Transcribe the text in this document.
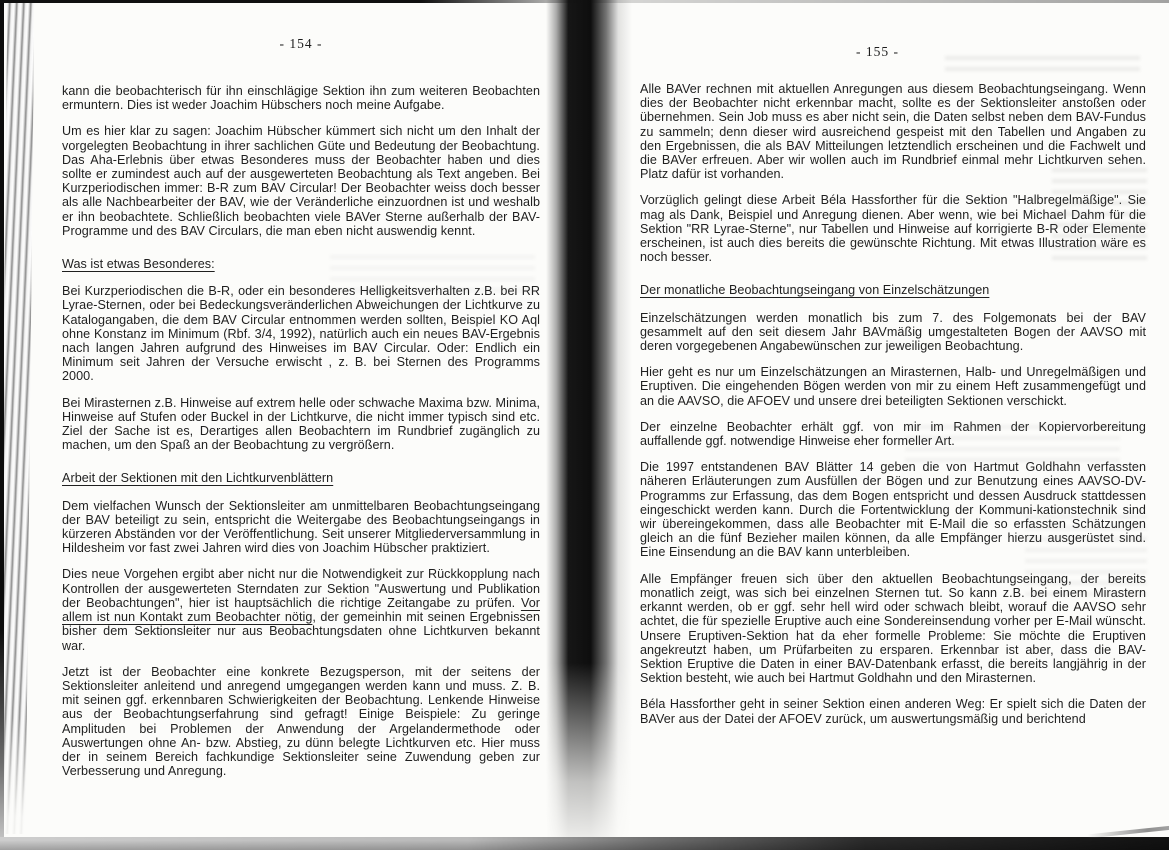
- 154 -
kann die beobachterisch für ihn einschlägige Sektion ihn zum weiteren Beobachten ermuntern. Dies ist weder Joachim Hübschers noch meine Aufgabe.
Um es hier klar zu sagen: Joachim Hübscher kümmert sich nicht um den Inhalt der vorgelegten Beobachtung in ihrer sachlichen Güte und Bedeutung der Beobachtung. Das Aha-Erlebnis über etwas Besonderes muss der Beobachter haben und dies sollte er zumindest auch auf der ausgewerteten Beobachtung als Text angeben. Bei Kurzperiodischen immer: B-R zum BAV Circular! Der Beobachter weiss doch besser als alle Nachbearbeiter der BAV, wie der Veränderliche einzuordnen ist und weshalb er ihn beobachtete. Schließlich beobachten viele BAVer Sterne außerhalb der BAV-Programme und des BAV Circulars, die man eben nicht auswendig kennt.
Was ist etwas Besonderes:
Bei Kurzperiodischen die B-R, oder ein besonderes Helligkeitsverhalten z.B. bei RR Lyrae-Sternen, oder bei Bedeckungsveränderlichen Abweichungen der Lichtkurve zu Katalogangaben, die dem BAV Circular entnommen werden sollten, Beispiel KO Aql ohne Konstanz im Minimum (Rbf. 3/4, 1992), natürlich auch ein neues BAV-Ergebnis nach langen Jahren aufgrund des Hinweises im BAV Circular. Oder: Endlich ein Minimum seit Jahren der Versuche erwischt , z. B. bei Sternen des Programms 2000.
Bei Mirasternen z.B. Hinweise auf extrem helle oder schwache Maxima bzw. Minima, Hinweise auf Stufen oder Buckel in der Lichtkurve, die nicht immer typisch sind etc. Ziel der Sache ist es, Derartiges allen Beobachtern im Rundbrief zugänglich zu machen, um den Spaß an der Beobachtung zu vergrößern.
Arbeit der Sektionen mit den Lichtkurvenblättern
Dem vielfachen Wunsch der Sektionsleiter am unmittelbaren Beobachtungseingang der BAV beteiligt zu sein, entspricht die Weitergabe des Beobachtungseingangs in kürzeren Abständen vor der Veröffentlichung. Seit unserer Mitgliederversammlung in Hildesheim vor fast zwei Jahren wird dies von Joachim Hübscher praktiziert.
Dies neue Vorgehen ergibt aber nicht nur die Notwendigkeit zur Rückkopplung nach Kontrollen der ausgewerteten Sterndaten zur Sektion "Auswertung und Publikation der Beobachtungen", hier ist hauptsächlich die richtige Zeitangabe zu prüfen. Vor allem ist nun Kontakt zum Beobachter nötig, der gemeinhin mit seinen Ergebnissen bisher dem Sektionsleiter nur aus Beobachtungsdaten ohne Lichtkurven bekannt war.
Jetzt ist der Beobachter eine konkrete Bezugsperson, mit der seitens der Sektionsleiter anleitend und anregend umgegangen werden kann und muss. Z. B. mit seinen ggf. erkennbaren Schwierigkeiten der Beobachtung. Lenkende Hinweise aus der Beobachtungserfahrung sind gefragt! Einige Beispiele: Zu geringe Amplituden bei Problemen der Anwendung der Argelandermethode oder Auswertungen ohne An- bzw. Abstieg, zu dünn belegte Lichtkurven etc. Hier muss der in seinem Bereich fachkundige Sektionsleiter seine Zuwendung geben zur Verbesserung und Anregung.
- 155 -
Alle BAVer rechnen mit aktuellen Anregungen aus diesem Beobachtungseingang. Wenn dies der Beobachter nicht erkennbar macht, sollte es der Sektionsleiter anstoßen oder übernehmen. Sein Job muss es aber nicht sein, die Daten selbst neben dem BAV-Fundus zu sammeln; denn dieser wird ausreichend gespeist mit den Tabellen und Angaben zu den Ergebnissen, die als BAV Mitteilungen letztendlich erscheinen und die Fachwelt und die BAVer erfreuen. Aber wir wollen auch im Rundbrief einmal mehr Lichtkurven sehen. Platz dafür ist vorhanden.
Vorzüglich gelingt diese Arbeit Béla Hassforther für die Sektion "Halbregelmäßige". Sie mag als Dank, Beispiel und Anregung dienen. Aber wenn, wie bei Michael Dahm für die Sektion "RR Lyrae-Sterne", nur Tabellen und Hinweise auf korrigierte B-R oder Elemente erscheinen, ist auch dies bereits die gewünschte Richtung. Mit etwas Illustration wäre es noch besser.
Der monatliche Beobachtungseingang von Einzelschätzungen
Einzelschätzungen werden monatlich bis zum 7. des Folgemonats bei der BAV gesammelt auf den seit diesem Jahr BAVmäßig umgestalteten Bogen der AAVSO mit deren vorgegebenen Angabewünschen zur jeweiligen Beobachtung.
Hier geht es nur um Einzelschätzungen an Mirasternen, Halb- und Unregelmäßigen und Eruptiven. Die eingehenden Bögen werden von mir zu einem Heft zusammengefügt und an die AAVSO, die AFOEV und unsere drei beteiligten Sektionen verschickt.
Der einzelne Beobachter erhält ggf. von mir im Rahmen der Kopiervorbereitung auffallende ggf. notwendige Hinweise eher formeller Art.
Die 1997 entstandenen BAV Blätter 14 geben die von Hartmut Goldhahn verfassten näheren Erläuterungen zum Ausfüllen der Bögen und zur Benutzung eines AAVSO-DV-Programms zur Erfassung, das dem Bogen entspricht und dessen Ausdruck stattdessen eingeschickt werden kann. Durch die Fortentwicklung der Kommuni-kationstechnik sind wir übereingekommen, dass alle Beobachter mit E-Mail die so erfassten Schätzungen gleich an die fünf Bezieher mailen können, da alle Empfänger hierzu ausgerüstet sind. Eine Einsendung an die BAV kann unterbleiben.
Alle Empfänger freuen sich über den aktuellen Beobachtungseingang, der bereits monatlich zeigt, was sich bei einzelnen Sternen tut. So kann z.B. bei einem Mirastern erkannt werden, ob er ggf. sehr hell wird oder schwach bleibt, worauf die AAVSO sehr achtet, die für spezielle Eruptive auch eine Sondereinsendung vorher per E-Mail wünscht. Unsere Eruptiven-Sektion hat da eher formelle Probleme: Sie möchte die Eruptiven angekreutzt haben, um Prüfarbeiten zu ersparen. Erkennbar ist aber, dass die BAV-Sektion Eruptive die Daten in einer BAV-Datenbank erfasst, die bereits langjährig in der Sektion besteht, wie auch bei Hartmut Goldhahn und den Mirasternen.
Béla Hassforther geht in seiner Sektion einen anderen Weg: Er spielt sich die Daten der BAVer aus der Datei der AFOEV zurück, um auswertungsmäßig und berichtend
